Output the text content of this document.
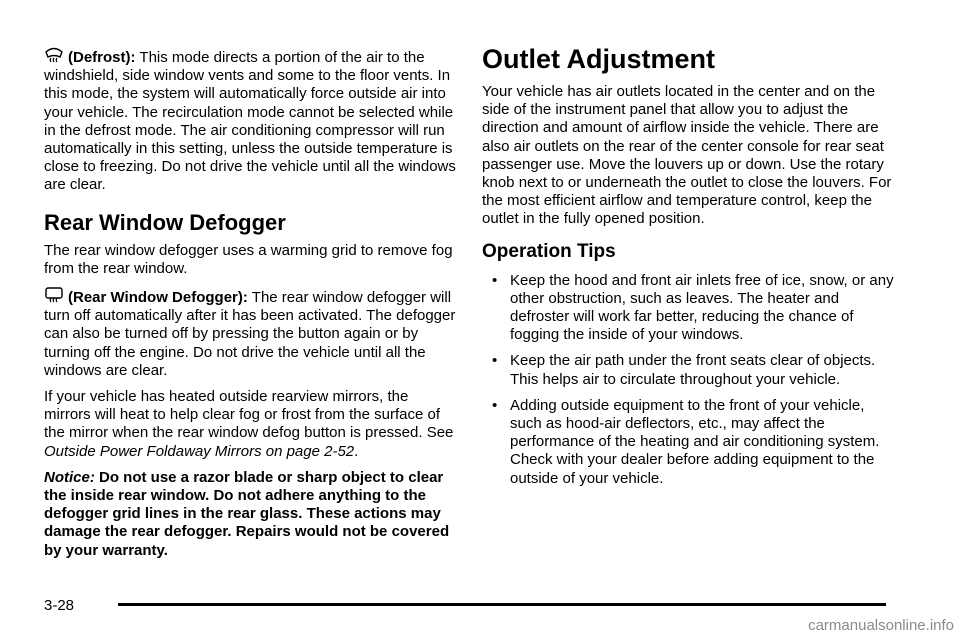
(Defrost): This mode directs a portion of the air to the windshield, side window vents and some to the floor vents. In this mode, the system will automatically force outside air into your vehicle. The recirculation mode cannot be selected while in the defrost mode. The air conditioning compressor will run automatically in this setting, unless the outside temperature is close to freezing. Do not drive the vehicle until all the windows are clear.

Rear Window Defogger

The rear window defogger uses a warming grid to remove fog from the rear window.

(Rear Window Defogger): The rear window defogger will turn off automatically after it has been activated. The defogger can also be turned off by pressing the button again or by turning off the engine. Do not drive the vehicle until all the windows are clear.

If your vehicle has heated outside rearview mirrors, the mirrors will heat to help clear fog or frost from the surface of the mirror when the rear window defog button is pressed. See Outside Power Foldaway Mirrors on page 2-52.

Notice: Do not use a razor blade or sharp object to clear the inside rear window. Do not adhere anything to the defogger grid lines in the rear glass. These actions may damage the rear defogger. Repairs would not be covered by your warranty.

Outlet Adjustment

Your vehicle has air outlets located in the center and on the side of the instrument panel that allow you to adjust the direction and amount of airflow inside the vehicle. There are also air outlets on the rear of the center console for rear seat passenger use. Move the louvers up or down. Use the rotary knob next to or underneath the outlet to close the louvers. For the most efficient airflow and temperature control, keep the outlet in the fully opened position.

Operation Tips
• Keep the hood and front air inlets free of ice, snow, or any other obstruction, such as leaves. The heater and defroster will work far better, reducing the chance of fogging the inside of your windows.
• Keep the air path under the front seats clear of objects. This helps air to circulate throughout your vehicle.
• Adding outside equipment to the front of your vehicle, such as hood-air deflectors, etc., may affect the performance of the heating and air conditioning system. Check with your dealer before adding equipment to the outside of your vehicle.
3-28
carmanualsonline.info
